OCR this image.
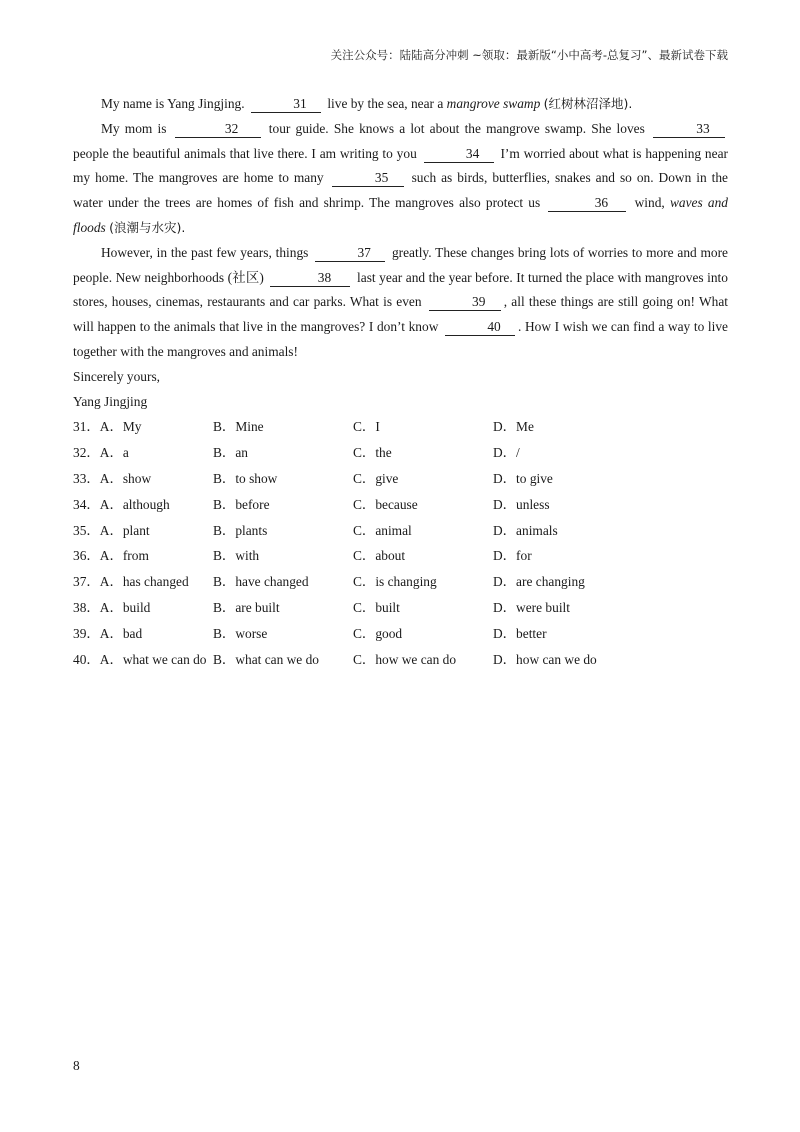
关注公众号：陆陆高分冲刺 ~领取：最新版“小中高考-总复习”、最新试卷下载

My name is Yang Jingjing.	31 live by the sea, near a mangrove swamp (红树林沼泽地).

My mom is	32 tour guide. She knows a lot about the mangrove swamp. She loves	33 people the beautiful animals that live there. I am writing to you	34 I’m worried about what is happening near my home. The mangroves are home to many	35 such as birds, butterflies, snakes and so on. Down in the water under the trees are homes of fish and shrimp. The mangroves also protect us	36 wind, waves and floods (浪潮与水灾).

However, in the past few years, things	37 greatly. These changes bring lots of worries to more and more people. New neighborhoods (社区)	38 last year and the year before. It turned the place with mangroves into stores, houses, cinemas, restaurants and car parks. What is even	39 , all these things are still going on! What will happen to the animals that live in the mangroves? I don’t know	40 . How I wish we can find a way to live together with the mangroves and animals!

Sincerely yours,

Yang Jingjing

31．A．My	B．Mine	C．I	D．Me
32．A．a	B．an	C．the	D．/
33．A．show	B．to show	C．give	D．to give
34．A．although	B．before	C．because	D．unless
35．A．plant	B．plants	C．animal	D．animals
36．A．from	B．with	C．about	D．for
37．A．has changed	B．have changed	C．is changing	D．are changing
38．A．build	B．are built	C．built	D．were built
39．A．bad	B．worse	C．good	D．better
40．A．what we can do B．what can we do	C．how we can do	D．how can we do
8
